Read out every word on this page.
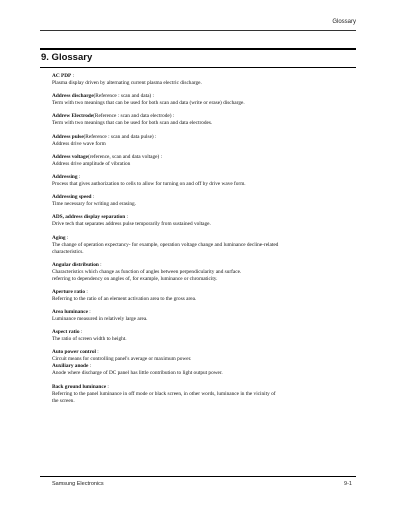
Glossary
9. Glossary
AC PDP :
Plasma display driven by alternating current plasma electric discharge.
Address discharge(Reference : scan and data) :
Term with two meanings that can be used for both scan and data (write or erase) discharge.
Addrew Electrode(Reference : scan and data electrode) :
Term with two meanings that can be used for both scan and data electrodes.
Address pulse(Reference : scan and data pulse) :
Address drive wave form
Address voltage(reference, scan and data voltage) :
Address drive amplitude of vibration
Addressing :
Process that gives authorization to cells to allow for turning on and off by drive wave form.
Addressing speed :
Time necessary for writing and erasing.
ADS, address display separation :
Drive tech that separates address pulse temporarily from sustained voltage.
Aging :
The change of operation expectancy- for example, operation voltage change and luminance decline-related
characteristics.
Angular distribution :
Characteristics which change as function of angles between perpendicularity and surface.
referring to dependency on angles of, for example, luminance or chromaticity.
Aperture ratio :
Referring to the ratio of an element activation area to the gross area.
Area luminance :
Luminance measured in relatively large area.
Aspect ratio :
The ratio of screen width to height.
Auto power control :
Circuit means for controlling panel's average or maximum power.
Auxiliary anode :
Anode where discharge of DC panel has little contribution to light output power.
Back ground luminance :
Referring to the panel luminance in off mode or black screen, in other words, luminance in the vicinity of
the screen.
Samsung Electronics	9-1
